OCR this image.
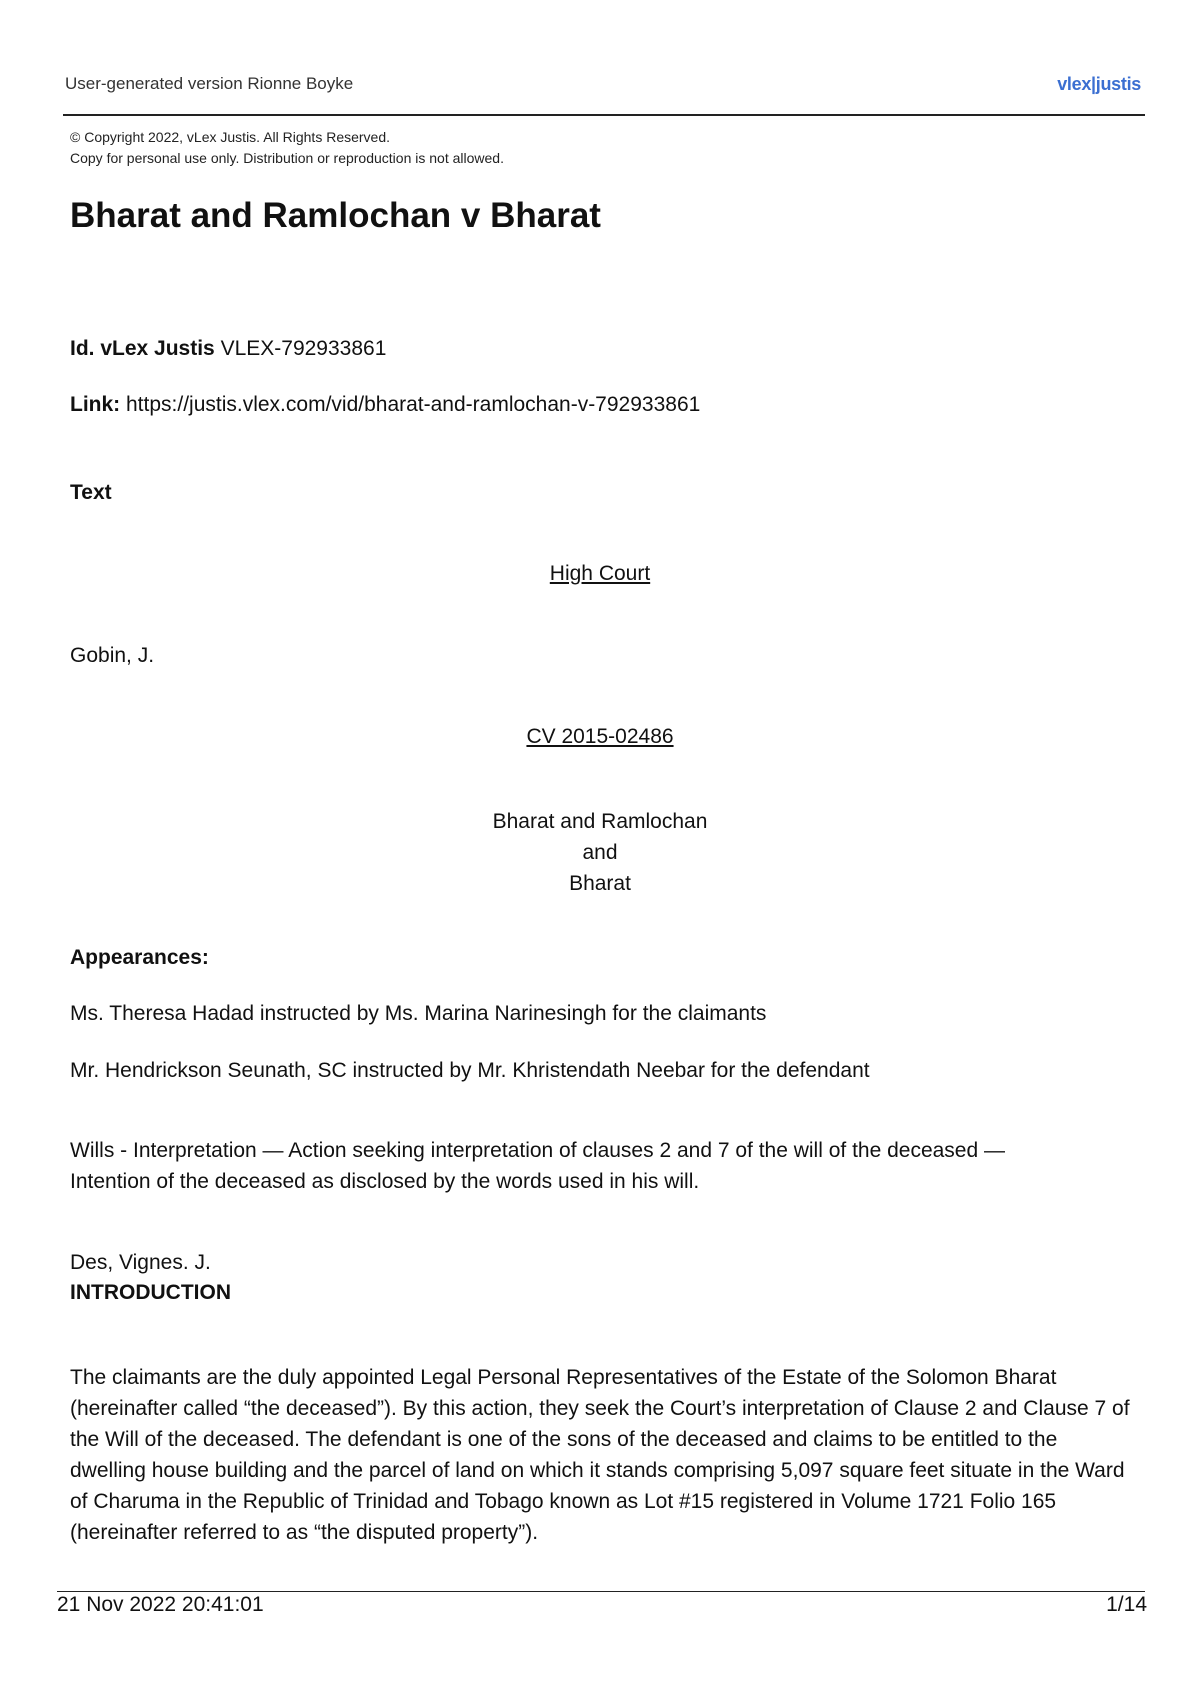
User-generated version Rionne Boyke	vlex|justis
© Copyright 2022, vLex Justis. All Rights Reserved.
Copy for personal use only. Distribution or reproduction is not allowed.
Bharat and Ramlochan v Bharat
Id. vLex Justis VLEX-792933861
Link: https://justis.vlex.com/vid/bharat-and-ramlochan-v-792933861
Text
High Court
Gobin, J.
CV 2015-02486
Bharat and Ramlochan
and
Bharat
Appearances:
Ms. Theresa Hadad instructed by Ms. Marina Narinesingh for the claimants
Mr. Hendrickson Seunath, SC instructed by Mr. Khristendath Neebar for the defendant

Wills - Interpretation — Action seeking interpretation of clauses 2 and 7 of the will of the deceased — Intention of the deceased as disclosed by the words used in his will.

Des, Vignes. J.
INTRODUCTION

The claimants are the duly appointed Legal Personal Representatives of the Estate of the Solomon Bharat (hereinafter called “the deceased”). By this action, they seek the Court’s interpretation of Clause 2 and Clause 7 of the Will of the deceased. The defendant is one of the sons of the deceased and claims to be entitled to the dwelling house building and the parcel of land on which it stands comprising 5,097 square feet situate in the Ward of Charuma in the Republic of Trinidad and Tobago known as Lot #15 registered in Volume 1721 Folio 165 (hereinafter referred to as “the disputed property”).

21 Nov 2022 20:41:01	1/14
